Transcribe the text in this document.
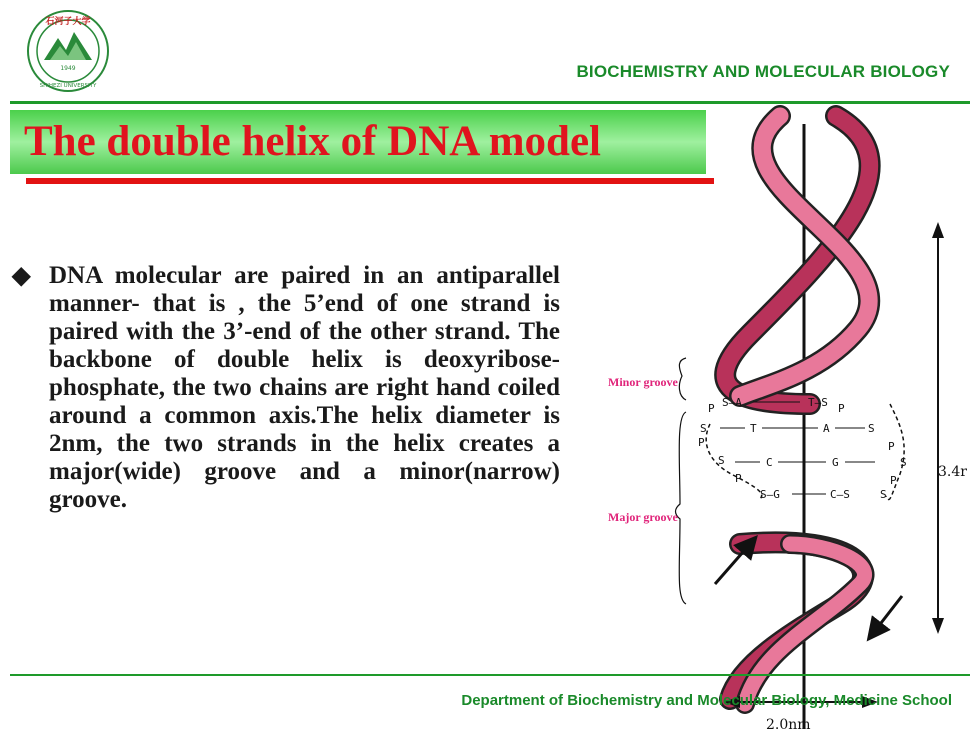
1949
石河子大学
SHIHEZI UNIVERSITY
BIOCHEMISTRY AND MOLECULAR BIOLOGY
The double helix of DNA model
◆ DNA molecular are paired in an antiparallel manner- that is , the 5’end of one strand is paired with the 3’-end of the other strand. The backbone of double helix is deoxyribose-phosphate, the two chains are right hand coiled around a common axis.The helix diameter is 2nm, the two strands in the helix creates a major(wide) groove and a minor(narrow) groove.
S—A	T—S
T	A
C	G
S—G	C—S
P
S
P
S
P
P
S
P
S
P
S
Minor groove
Major groove
3.4r
2.0nm
Department of Biochemistry and Molecular Biology, Medicine School
